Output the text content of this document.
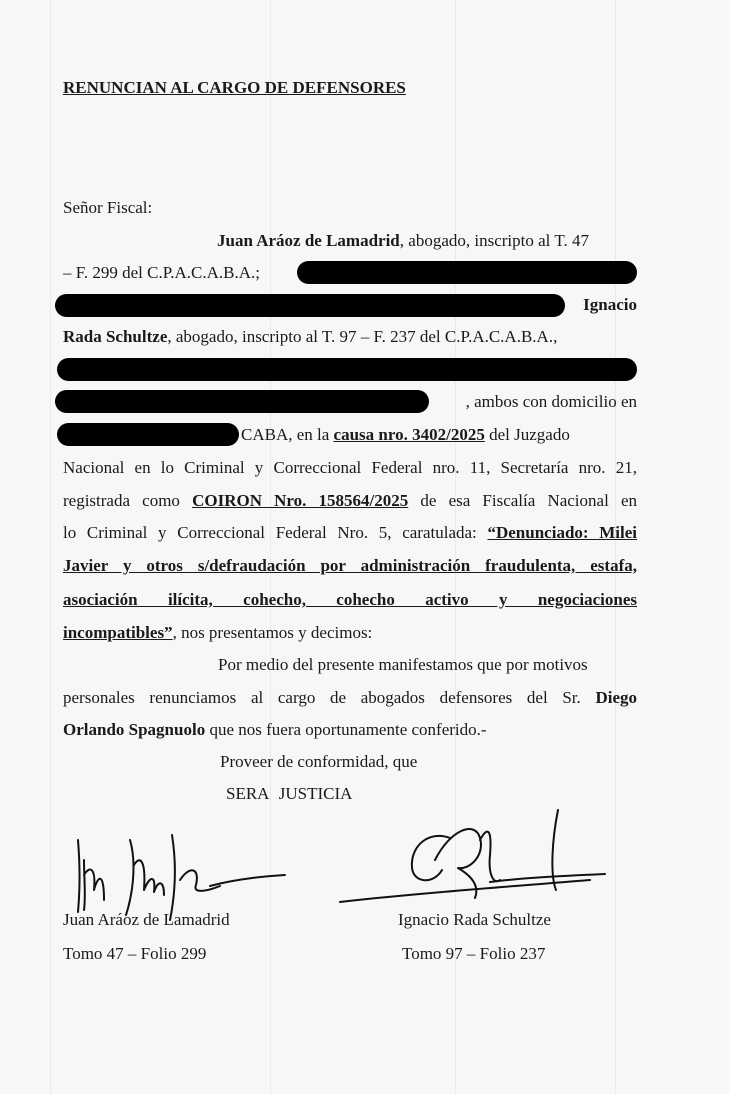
RENUNCIAN AL CARGO DE DEFENSORES
Señor Fiscal:
Juan Aráoz de Lamadrid, abogado, inscripto al T. 47
– F. 299 del C.P.A.C.A.B.A.;
Ignacio
Rada Schultze, abogado, inscripto al T. 97 – F. 237 del C.P.A.C.A.B.A.,
, ambos con domicilio en
CABA, en la causa nro. 3402/2025 del Juzgado
Nacional en lo Criminal y Correccional Federal nro. 11, Secretaría nro. 21,
registrada como COIRON Nro. 158564/2025 de esa Fiscalía Nacional en
lo Criminal y Correccional Federal Nro. 5, caratulada: “Denunciado: Milei
Javier y otros s/defraudación por administración fraudulenta, estafa,
asociación ilícita, cohecho, cohecho activo y negociaciones
incompatibles”, nos presentamos y decimos:
Por medio del presente manifestamos que por motivos
personales renunciamos al cargo de abogados defensores del Sr. Diego
Orlando Spagnuolo que nos fuera oportunamente conferido.-
Proveer de conformidad, que
SERA JUSTICIA
Juan Aráoz de Lamadrid
Tomo 47 – Folio 299
Ignacio Rada Schultze
Tomo 97 – Folio 237
